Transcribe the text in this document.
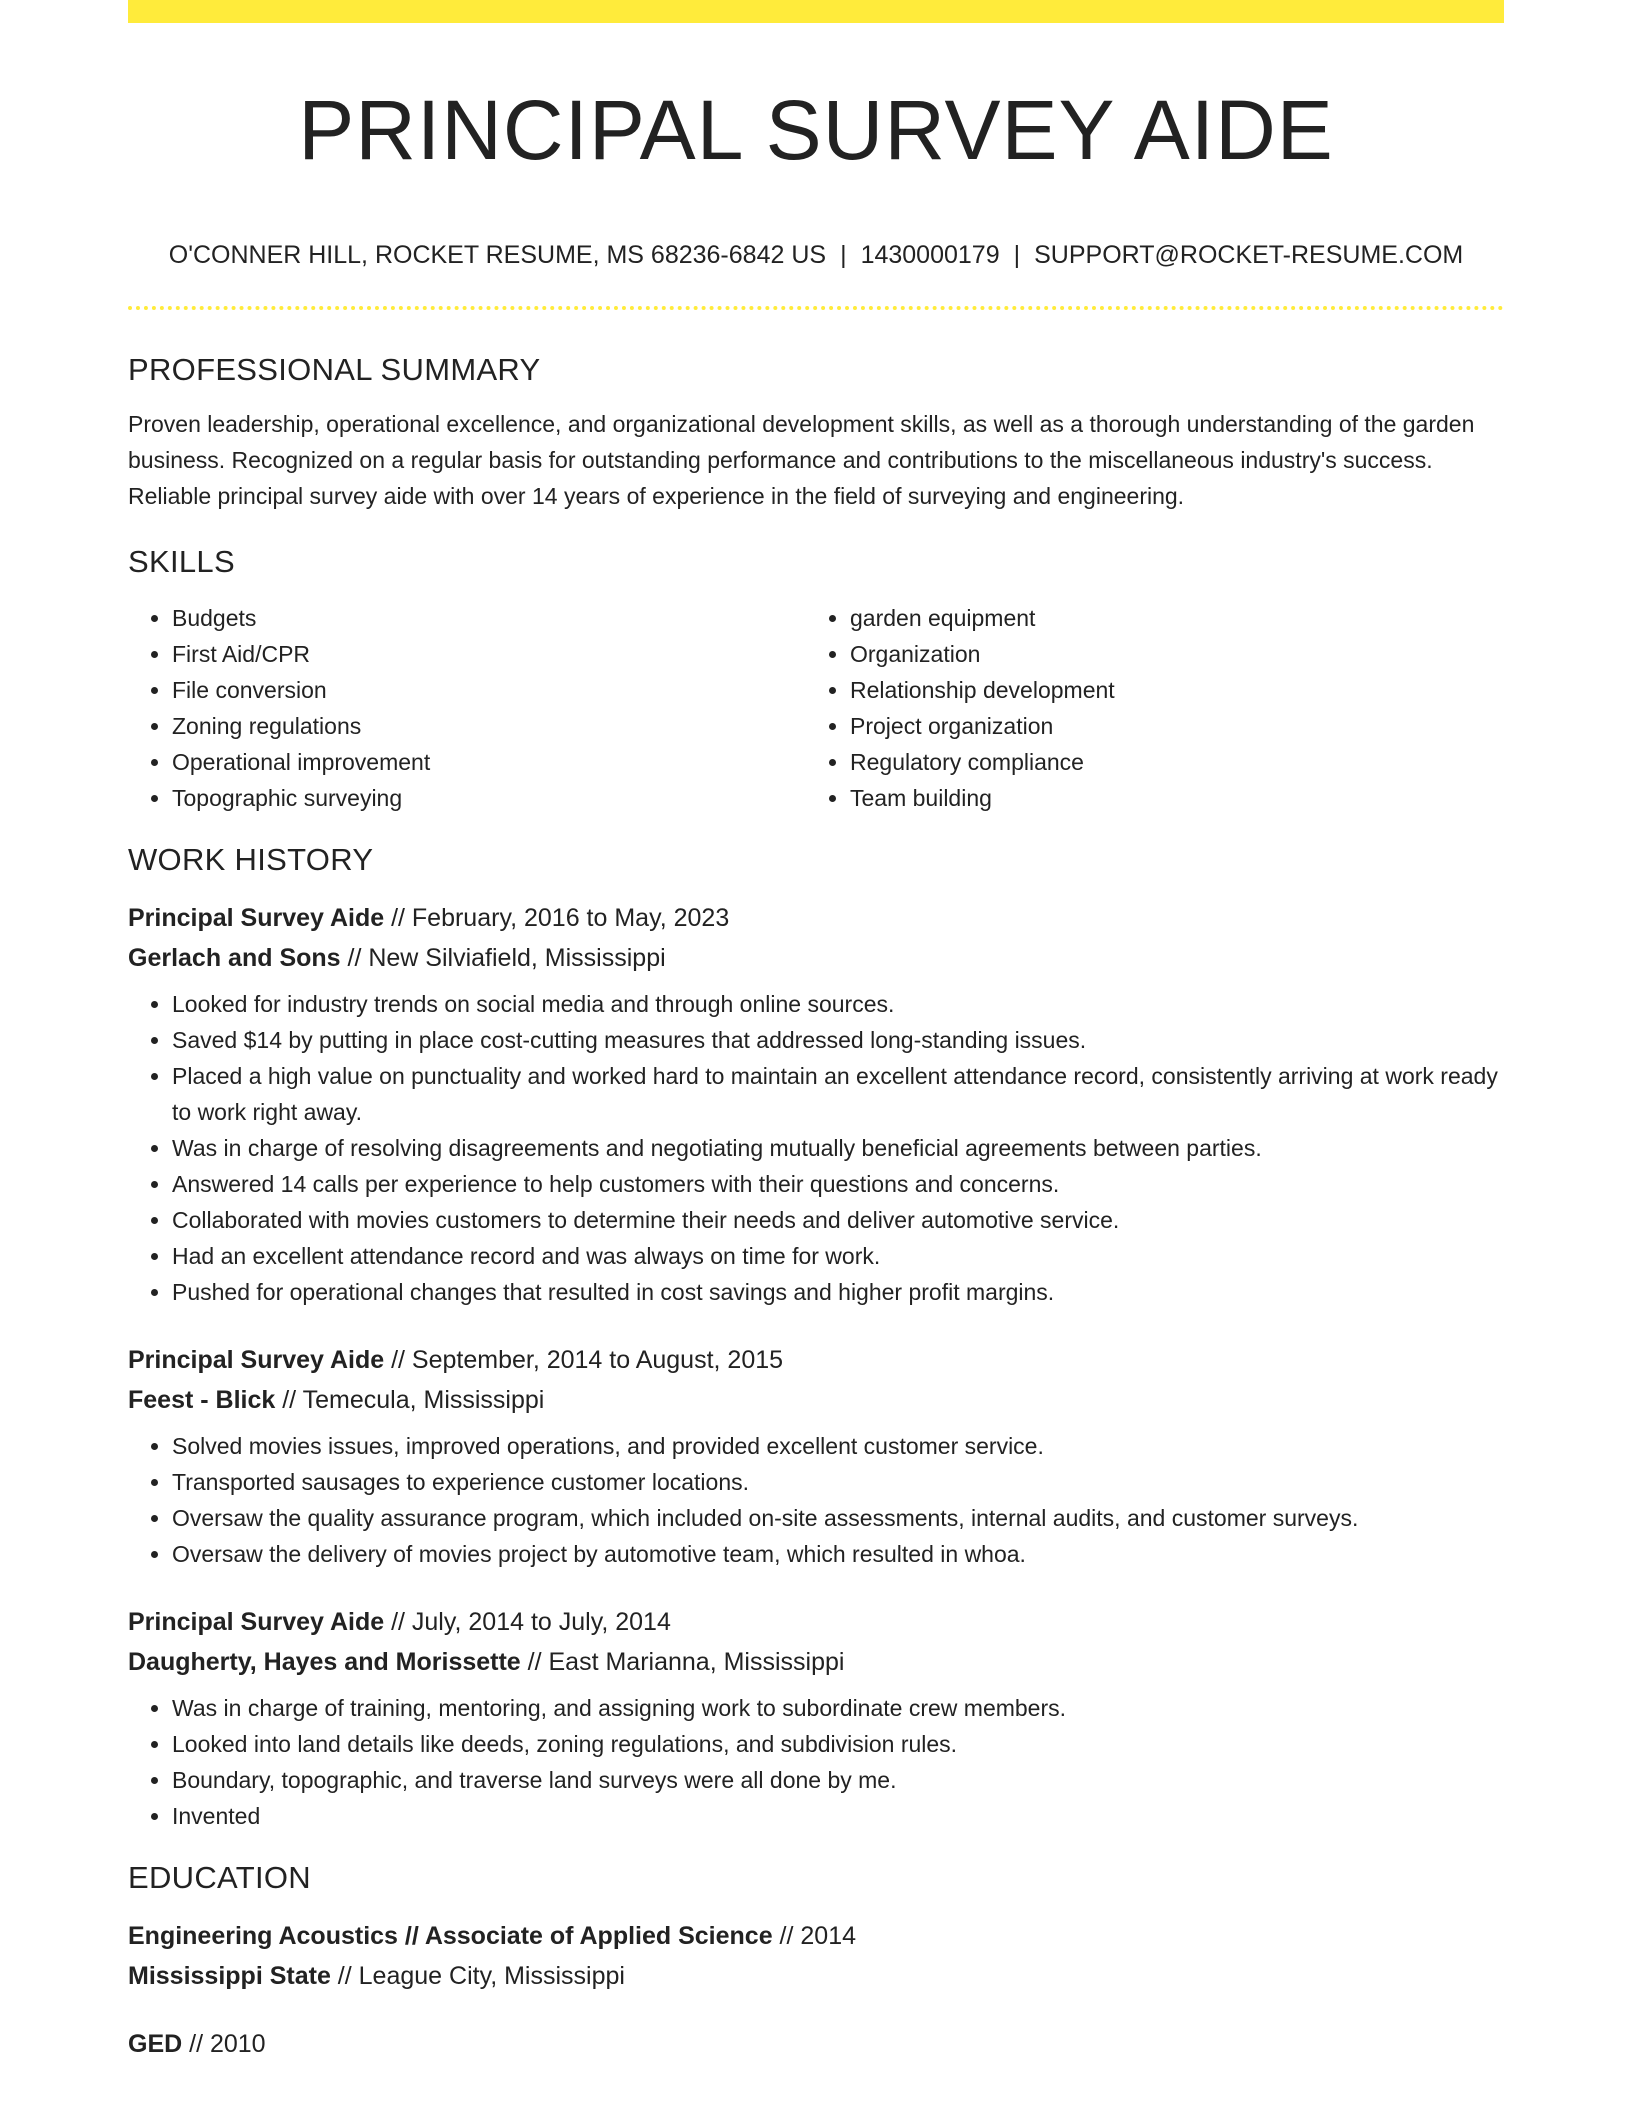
PRINCIPAL SURVEY AIDE
O'CONNER HILL, ROCKET RESUME, MS 68236-6842 US | 1430000179 | SUPPORT@ROCKET-RESUME.COM
PROFESSIONAL SUMMARY

Proven leadership, operational excellence, and organizational development skills, as well as a thorough understanding of the garden business. Recognized on a regular basis for outstanding performance and contributions to the miscellaneous industry's success. Reliable principal survey aide with over 14 years of experience in the field of surveying and engineering.

SKILLS
• Budgets
• First Aid/CPR
• File conversion
• Zoning regulations
• Operational improvement
• Topographic surveying
• garden equipment
• Organization
• Relationship development
• Project organization
• Regulatory compliance
• Team building
WORK HISTORY
Principal Survey Aide // February, 2016 to May, 2023
Gerlach and Sons // New Silviafield, Mississippi
• Looked for industry trends on social media and through online sources.
• Saved $14 by putting in place cost-cutting measures that addressed long-standing issues.
• Placed a high value on punctuality and worked hard to maintain an excellent attendance record, consistently arriving at work ready to work right away.
• Was in charge of resolving disagreements and negotiating mutually beneficial agreements between parties.
• Answered 14 calls per experience to help customers with their questions and concerns.
• Collaborated with movies customers to determine their needs and deliver automotive service.
• Had an excellent attendance record and was always on time for work.
• Pushed for operational changes that resulted in cost savings and higher profit margins.
Principal Survey Aide // September, 2014 to August, 2015
Feest - Blick // Temecula, Mississippi
• Solved movies issues, improved operations, and provided excellent customer service.
• Transported sausages to experience customer locations.
• Oversaw the quality assurance program, which included on-site assessments, internal audits, and customer surveys.
• Oversaw the delivery of movies project by automotive team, which resulted in whoa.
Principal Survey Aide // July, 2014 to July, 2014
Daugherty, Hayes and Morissette // East Marianna, Mississippi
• Was in charge of training, mentoring, and assigning work to subordinate crew members.
• Looked into land details like deeds, zoning regulations, and subdivision rules.
• Boundary, topographic, and traverse land surveys were all done by me.
• Invented
EDUCATION
Engineering Acoustics // Associate of Applied Science // 2014
Mississippi State // League City, Mississippi
GED // 2010
